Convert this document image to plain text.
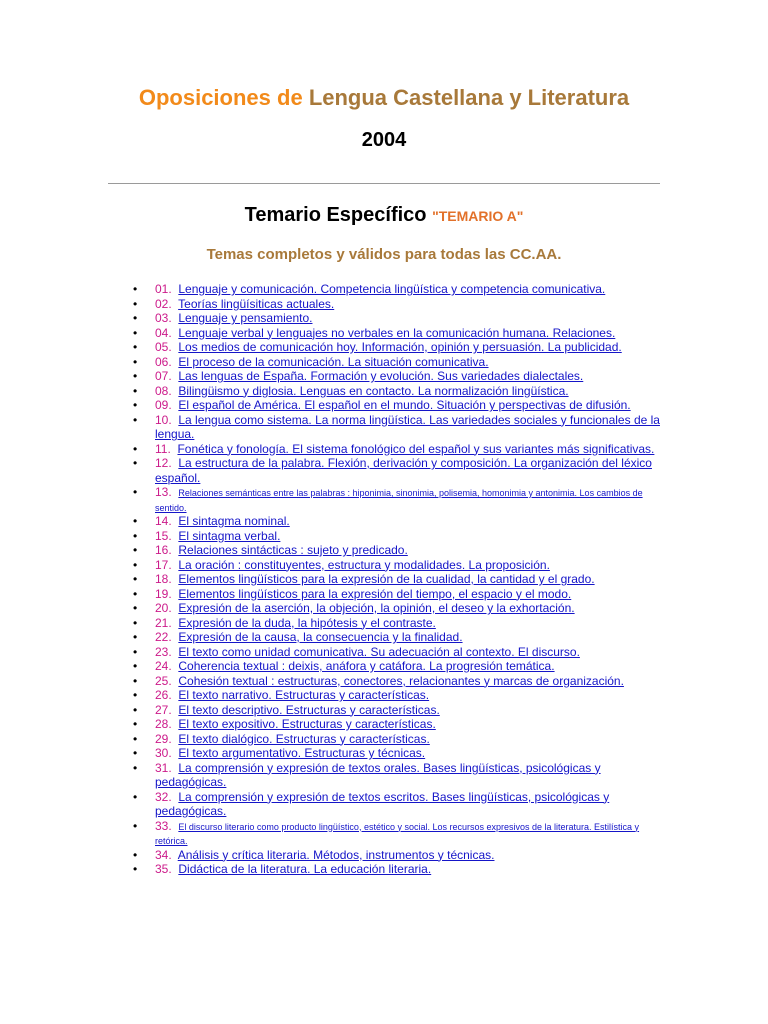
Oposiciones de Lengua Castellana y Literatura
2004
Temario Específico "TEMARIO A"
Temas completos y válidos para todas las CC.AA.
• 01. Lenguaje y comunicación. Competencia lingüística y competencia comunicativa.
• 02. Teorías lingüísiticas actuales.
• 03. Lenguaje y pensamiento.
• 04. Lenguaje verbal y lenguajes no verbales en la comunicación humana. Relaciones.
• 05. Los medios de comunicación hoy. Información, opinión y persuasión. La publicidad.
• 06. El proceso de la comunicación. La situación comunicativa.
• 07. Las lenguas de España. Formación y evolución. Sus variedades dialectales.
• 08. Bilingüismo y diglosia. Lenguas en contacto. La normalización lingüística.
• 09. El español de América. El español en el mundo. Situación y perspectivas de difusión.
• 10. La lengua como sistema. La norma lingüística. Las variedades sociales y funcionales de la lengua.
• 11. Fonética y fonología. El sistema fonológico del español y sus variantes más significativas.
• 12. La estructura de la palabra. Flexión, derivación y composición. La organización del léxico español.
• 13. Relaciones semánticas entre las palabras : hiponimia, sinonimia, polisemia, homonimia y antonimia. Los cambios de sentido.
• 14. El sintagma nominal.
• 15. El sintagma verbal.
• 16. Relaciones sintácticas : sujeto y predicado.
• 17. La oración : constituyentes, estructura y modalidades. La proposición.
• 18. Elementos lingüísticos para la expresión de la cualidad, la cantidad y el grado.
• 19. Elementos lingüísticos para la expresión del tiempo, el espacio y el modo.
• 20. Expresión de la aserción, la objeción, la opinión, el deseo y la exhortación.
• 21. Expresión de la duda, la hipótesis y el contraste.
• 22. Expresión de la causa, la consecuencia y la finalidad.
• 23. El texto como unidad comunicativa. Su adecuación al contexto. El discurso.
• 24. Coherencia textual : deixis, anáfora y catáfora. La progresión temática.
• 25. Cohesión textual : estructuras, conectores, relacionantes y marcas de organización.
• 26. El texto narrativo. Estructuras y características.
• 27. El texto descriptivo. Estructuras y características.
• 28. El texto expositivo. Estructuras y características.
• 29. El texto dialógico. Estructuras y características.
• 30. El texto argumentativo. Estructuras y técnicas.
• 31. La comprensión y expresión de textos orales. Bases lingüísticas, psicológicas y pedagógicas.
• 32. La comprensión y expresión de textos escritos. Bases lingüísticas, psicológicas y pedagógicas.
• 33. El discurso literario como producto lingüístico, estético y social. Los recursos expresivos de la literatura. Estilística y retórica.
• 34. Análisis y crítica literaria. Métodos, instrumentos y técnicas.
• 35. Didáctica de la literatura. La educación literaria.
